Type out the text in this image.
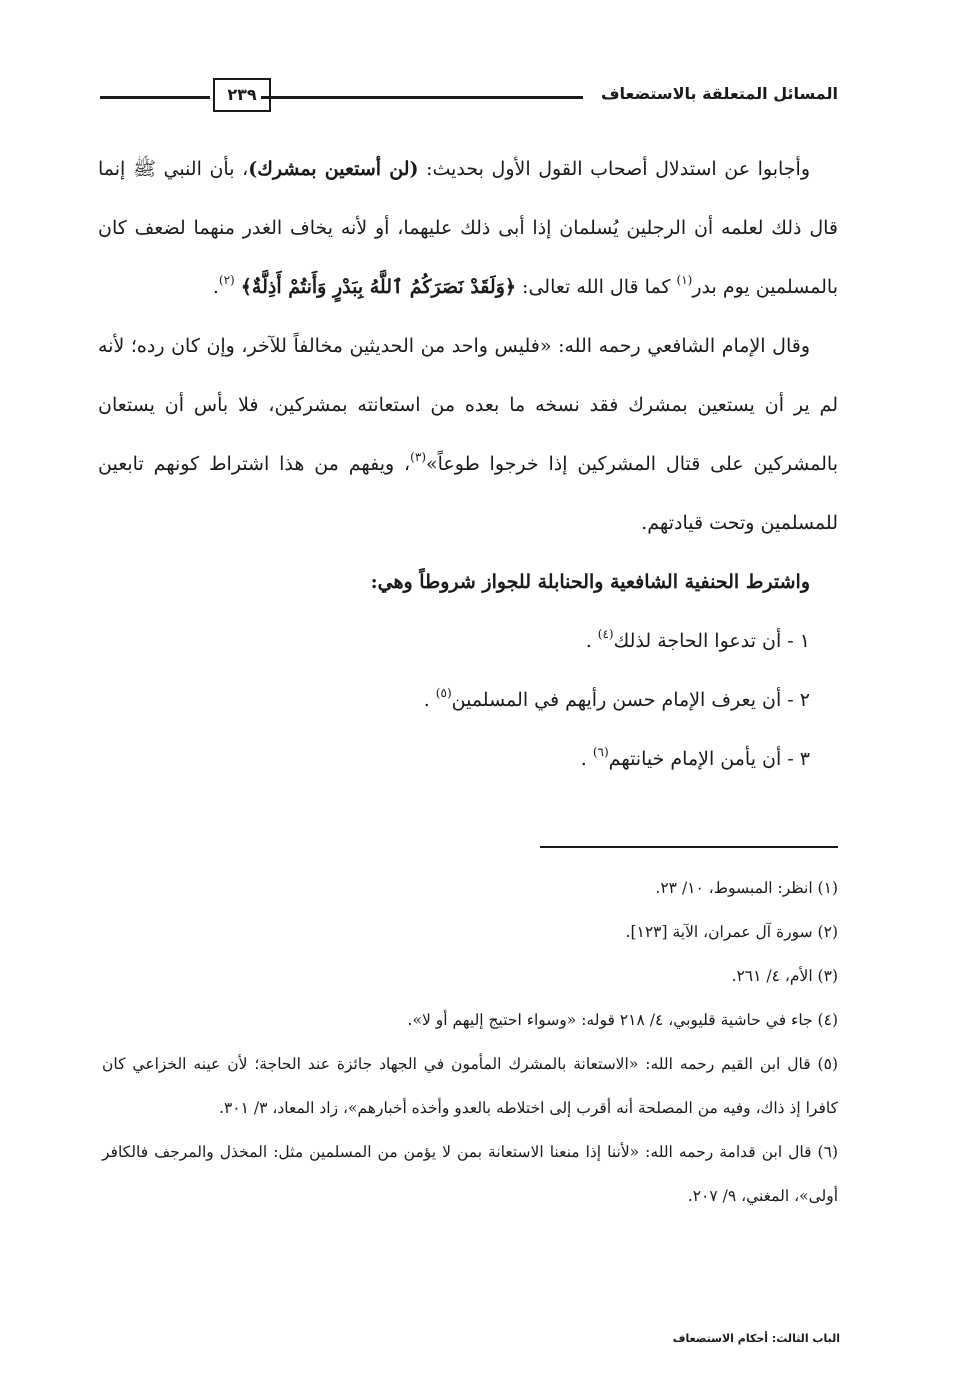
المسائل المتعلقة بالاستضعاف
٢٣٩

وأجابوا عن استدلال أصحاب القول الأول بحديث: (لن أستعين بمشرك)، بأن النبي ﷺ إنما قال ذلك لعلمه أن الرجلين يُسلمان إذا أبى ذلك عليهما، أو لأنه يخاف الغدر منهما لضعف كان بالمسلمين يوم بدر$^{(١)}$ كما قال الله تعالى: ﴿وَلَقَدْ نَصَرَكُمُ ٱللَّهُ بِبَدْرٍ وَأَنتُمْ أَذِلَّةٌ﴾ $^{(٢)}$.

وقال الإمام الشافعي رحمه الله: «فليس واحد من الحديثين مخالفاً للآخر، وإن كان رده؛ لأنه لم ير أن يستعين بمشرك فقد نسخه ما بعده من استعانته بمشركين، فلا بأس أن يستعان بالمشركين على قتال المشركين إذا خرجوا طوعاً»$^{(٣)}$، ويفهم من هذا اشتراط كونهم تابعين للمسلمين وتحت قيادتهم.

واشترط الحنفية الشافعية والحنابلة للجواز شروطاً وهي:

١ - أن تدعوا الحاجة لذلك$^{(٤)}$ .

٢ - أن يعرف الإمام حسن رأيهم في المسلمين$^{(٥)}$ .

٣ - أن يأمن الإمام خيانتهم$^{(٦)}$ .

(١) انظر: المبسوط، ١٠/ ٢٣.

(٢) سورة آل عمران، الآية [١٢٣].

(٣) الأم، ٤/ ٢٦١.

(٤) جاء في حاشية قليوبي، ٤/ ٢١٨ قوله: «وسواء احتيج إليهم أو لا».

(٥) قال ابن القيم رحمه الله: «الاستعانة بالمشرك المأمون في الجهاد جائزة عند الحاجة؛ لأن عينه الخزاعي كان كافرا إذ ذاك، وفيه من المصلحة أنه أقرب إلى اختلاطه بالعدو وأخذه أخبارهم»، زاد المعاد، ٣/ ٣٠١.

(٦) قال ابن قدامة رحمه الله: «لأننا إذا منعنا الاستعانة بمن لا يؤمن من المسلمين مثل: المخذل والمرجف فالكافر أولى»، المغني، ٩/ ٢٠٧.

الباب الثالث: أحكام الاستضعاف
